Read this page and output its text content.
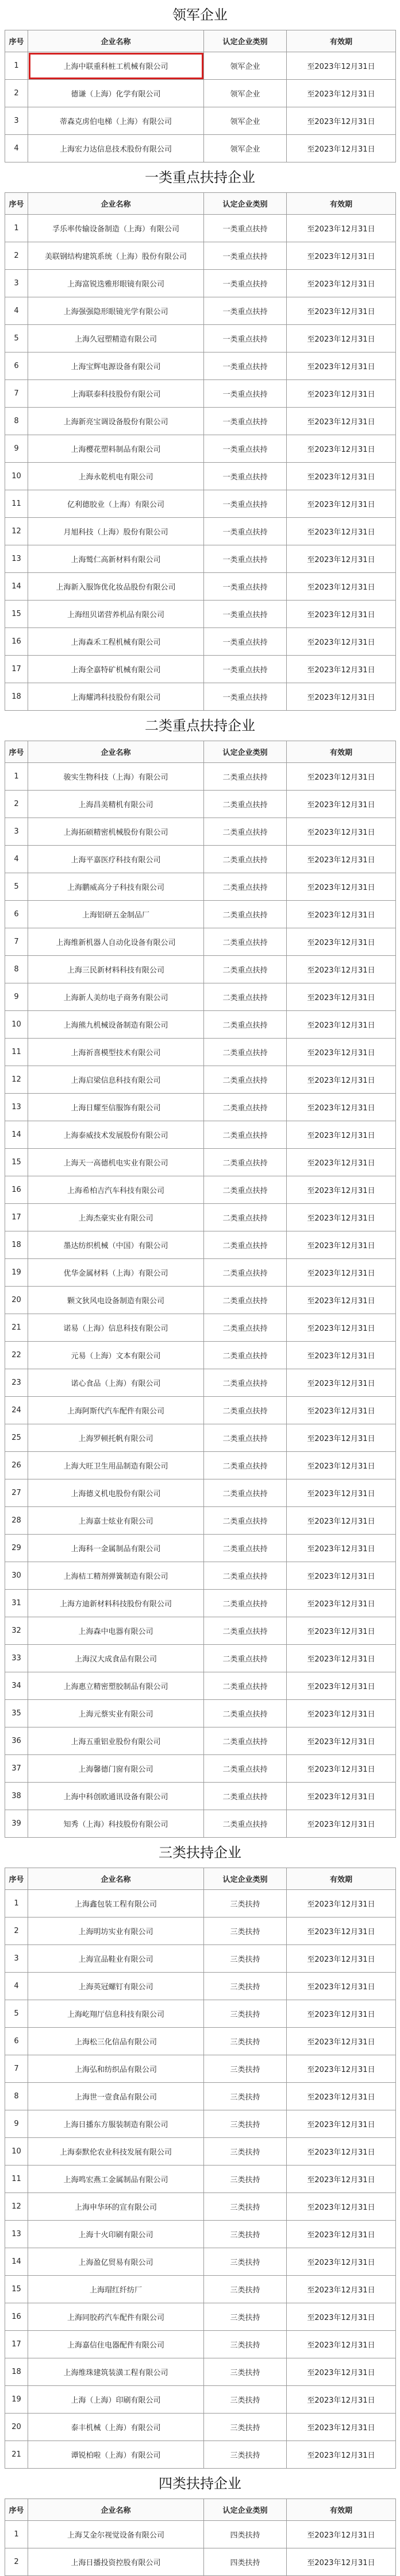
领军企业
序号	企业名称	认定企业类别	有效期
1	上海中联重科桩工机械有限公司	领军企业	至2023年12月31日
2	德谦（上海）化学有限公司	领军企业	至2023年12月31日
3	蒂森克虏伯电梯（上海）有限公司	领军企业	至2023年12月31日
4	上海宏力达信息技术股份有限公司	领军企业	至2023年12月31日
一类重点扶持企业
序号	企业名称	认定企业类别	有效期
1	孚乐率传输设备制造（上海）有限公司	一类重点扶持	至2023年12月31日
2	美联钢结构建筑系统（上海）股份有限公司	一类重点扶持	至2023年12月31日
3	上海富锐迭雅形眼镜有限公司	一类重点扶持	至2023年12月31日
4	上海强强隐形眼镜光学有限公司	一类重点扶持	至2023年12月31日
5	上海久冠塑精造有限公司	一类重点扶持	至2023年12月31日
6	上海宝辉电源设备有限公司	一类重点扶持	至2023年12月31日
7	上海联泰科技股份有限公司	一类重点扶持	至2023年12月31日
8	上海新亮宝调设备股份有限公司	一类重点扶持	至2023年12月31日
9	上海樱花塑料制品有限公司	一类重点扶持	至2023年12月31日
10	上海永乾机电有限公司	一类重点扶持	至2023年12月31日
11	亿利德胶业（上海）有限公司	一类重点扶持	至2023年12月31日
12	月旭科技（上海）股份有限公司	一类重点扶持	至2023年12月31日
13	上海鹫仁高新材料有限公司	一类重点扶持	至2023年12月31日
14	上海新入服饰优化妆品股份有限公司	一类重点扶持	至2023年12月31日
15	上海纽贝诺营养机品有限公司	一类重点扶持	至2023年12月31日
16	上海森禾工程机械有限公司	一类重点扶持	至2023年12月31日
17	上海全嘉特矿机械有限公司	一类重点扶持	至2023年12月31日
18	上海耀鸿科技股份有限公司	一类重点扶持	至2023年12月31日
二类重点扶持企业
序号	企业名称	认定企业类别	有效期
1	骏实生物科技（上海）有限公司	二类重点扶持	至2023年12月31日
2	上海昌美精机有限公司	二类重点扶持	至2023年12月31日
3	上海拓硕精密机械股份有限公司	二类重点扶持	至2023年12月31日
4	上海平嘉医疗科技有限公司	二类重点扶持	至2023年12月31日
5	上海鹏威高分子科技有限公司	二类重点扶持	至2023年12月31日
6	上海铝研五金制品厂	二类重点扶持	至2023年12月31日
7	上海维新机器人自动化设备有限公司	二类重点扶持	至2023年12月31日
8	上海三民新材料科技有限公司	二类重点扶持	至2023年12月31日
9	上海新人美纺电子商务有限公司	二类重点扶持	至2023年12月31日
10	上海熊九机械设备制造有限公司	二类重点扶持	至2023年12月31日
11	上海祈喜模型技术有限公司	二类重点扶持	至2023年12月31日
12	上海启梁信息科技有限公司	二类重点扶持	至2023年12月31日
13	上海日耀至信服饰有限公司	二类重点扶持	至2023年12月31日
14	上海泰威技术发展股份有限公司	二类重点扶持	至2023年12月31日
15	上海天一高德机电实业有限公司	二类重点扶持	至2023年12月31日
16	上海希柏吉汽车科技有限公司	二类重点扶持	至2023年12月31日
17	上海杰豪实业有限公司	二类重点扶持	至2023年12月31日
18	墨达纺织机械（中国）有限公司	二类重点扶持	至2023年12月31日
19	优华金属材料（上海）有限公司	二类重点扶持	至2023年12月31日
20	颗文狄风电设备制造有限公司	二类重点扶持	至2023年12月31日
21	诺易（上海）信息科技有限公司	二类重点扶持	至2023年12月31日
22	元易（上海）文本有限公司	二类重点扶持	至2023年12月31日
23	诺心食品（上海）有限公司	二类重点扶持	至2023年12月31日
24	上海阿斯代汽车配件有限公司	二类重点扶持	至2023年12月31日
25	上海罗顿托帆有限公司	二类重点扶持	至2023年12月31日
26	上海大旺卫生用品制造有限公司	二类重点扶持	至2023年12月31日
27	上海德义机电股份有限公司	二类重点扶持	至2023年12月31日
28	上海嘉士炫业有限公司	二类重点扶持	至2023年12月31日
29	上海科一金属制品有限公司	二类重点扶持	至2023年12月31日
30	上海桔工精剂弹簧制造有限公司	二类重点扶持	至2023年12月31日
31	上海方迪新材料科技股份有限公司	二类重点扶持	至2023年12月31日
32	上海森中电器有限公司	二类重点扶持	至2023年12月31日
33	上海汉大成食品有限公司	二类重点扶持	至2023年12月31日
34	上海惠立精密塑胶制品有限公司	二类重点扶持	至2023年12月31日
35	上海元蔡实业有限公司	二类重点扶持	至2023年12月31日
36	上海五重铝业股份有限公司	二类重点扶持	至2023年12月31日
37	上海馨德门窗有限公司	二类重点扶持	至2023年12月31日
38	上海中科创欧通讯设备有限公司	二类重点扶持	至2023年12月31日
39	知秀（上海）科技股份有限公司	二类重点扶持	至2023年12月31日
三类扶持企业
序号	企业名称	认定企业类别	有效期
1	上海鑫包装工程有限公司	三类扶持	至2023年12月31日
2	上海明坊实业有限公司	三类扶持	至2023年12月31日
3	上海宣品鞋业有限公司	三类扶持	至2023年12月31日
4	上海英冠螺钉有限公司	三类扶持	至2023年12月31日
5	上海屹翔厅信息科技有限公司	三类扶持	至2023年12月31日
6	上海松三化信品有限公司	三类扶持	至2023年12月31日
7	上海弘和纺织品有限公司	三类扶持	至2023年12月31日
8	上海世一壹食品有限公司	三类扶持	至2023年12月31日
9	上海日播东方服装制造有限公司	三类扶持	至2023年12月31日
10	上海泰默伦农业科技发展有限公司	三类扶持	至2023年12月31日
11	上海鸣宏燕工金属制品有限公司	三类扶持	至2023年12月31日
12	上海申华环的宣有限公司	三类扶持	至2023年12月31日
13	上海十火印刷有限公司	三类扶持	至2023年12月31日
14	上海盈亿贸易有限公司	三类扶持	至2023年12月31日
15	上海瑁红纤纺厂	三类扶持	至2023年12月31日
16	上海同胶药汽车配件有限公司	三类扶持	至2023年12月31日
17	上海嘉信住电器配件有限公司	三类扶持	至2023年12月31日
18	上海维珠建筑装潢工程有限公司	三类扶持	至2023年12月31日
19	上海（上海）印刷有限公司	三类扶持	至2023年12月31日
20	泰丰机械（上海）有限公司	三类扶持	至2023年12月31日
21	谭锐柏啦（上海）有限公司	三类扶持	至2023年12月31日
四类扶持企业
序号	企业名称	认定企业类别	有效期
1	上海艾金尔视觉设备有限公司	四类扶持	至2023年12月31日
2	上海日播投资控股有限公司	四类扶持	至2023年12月31日
